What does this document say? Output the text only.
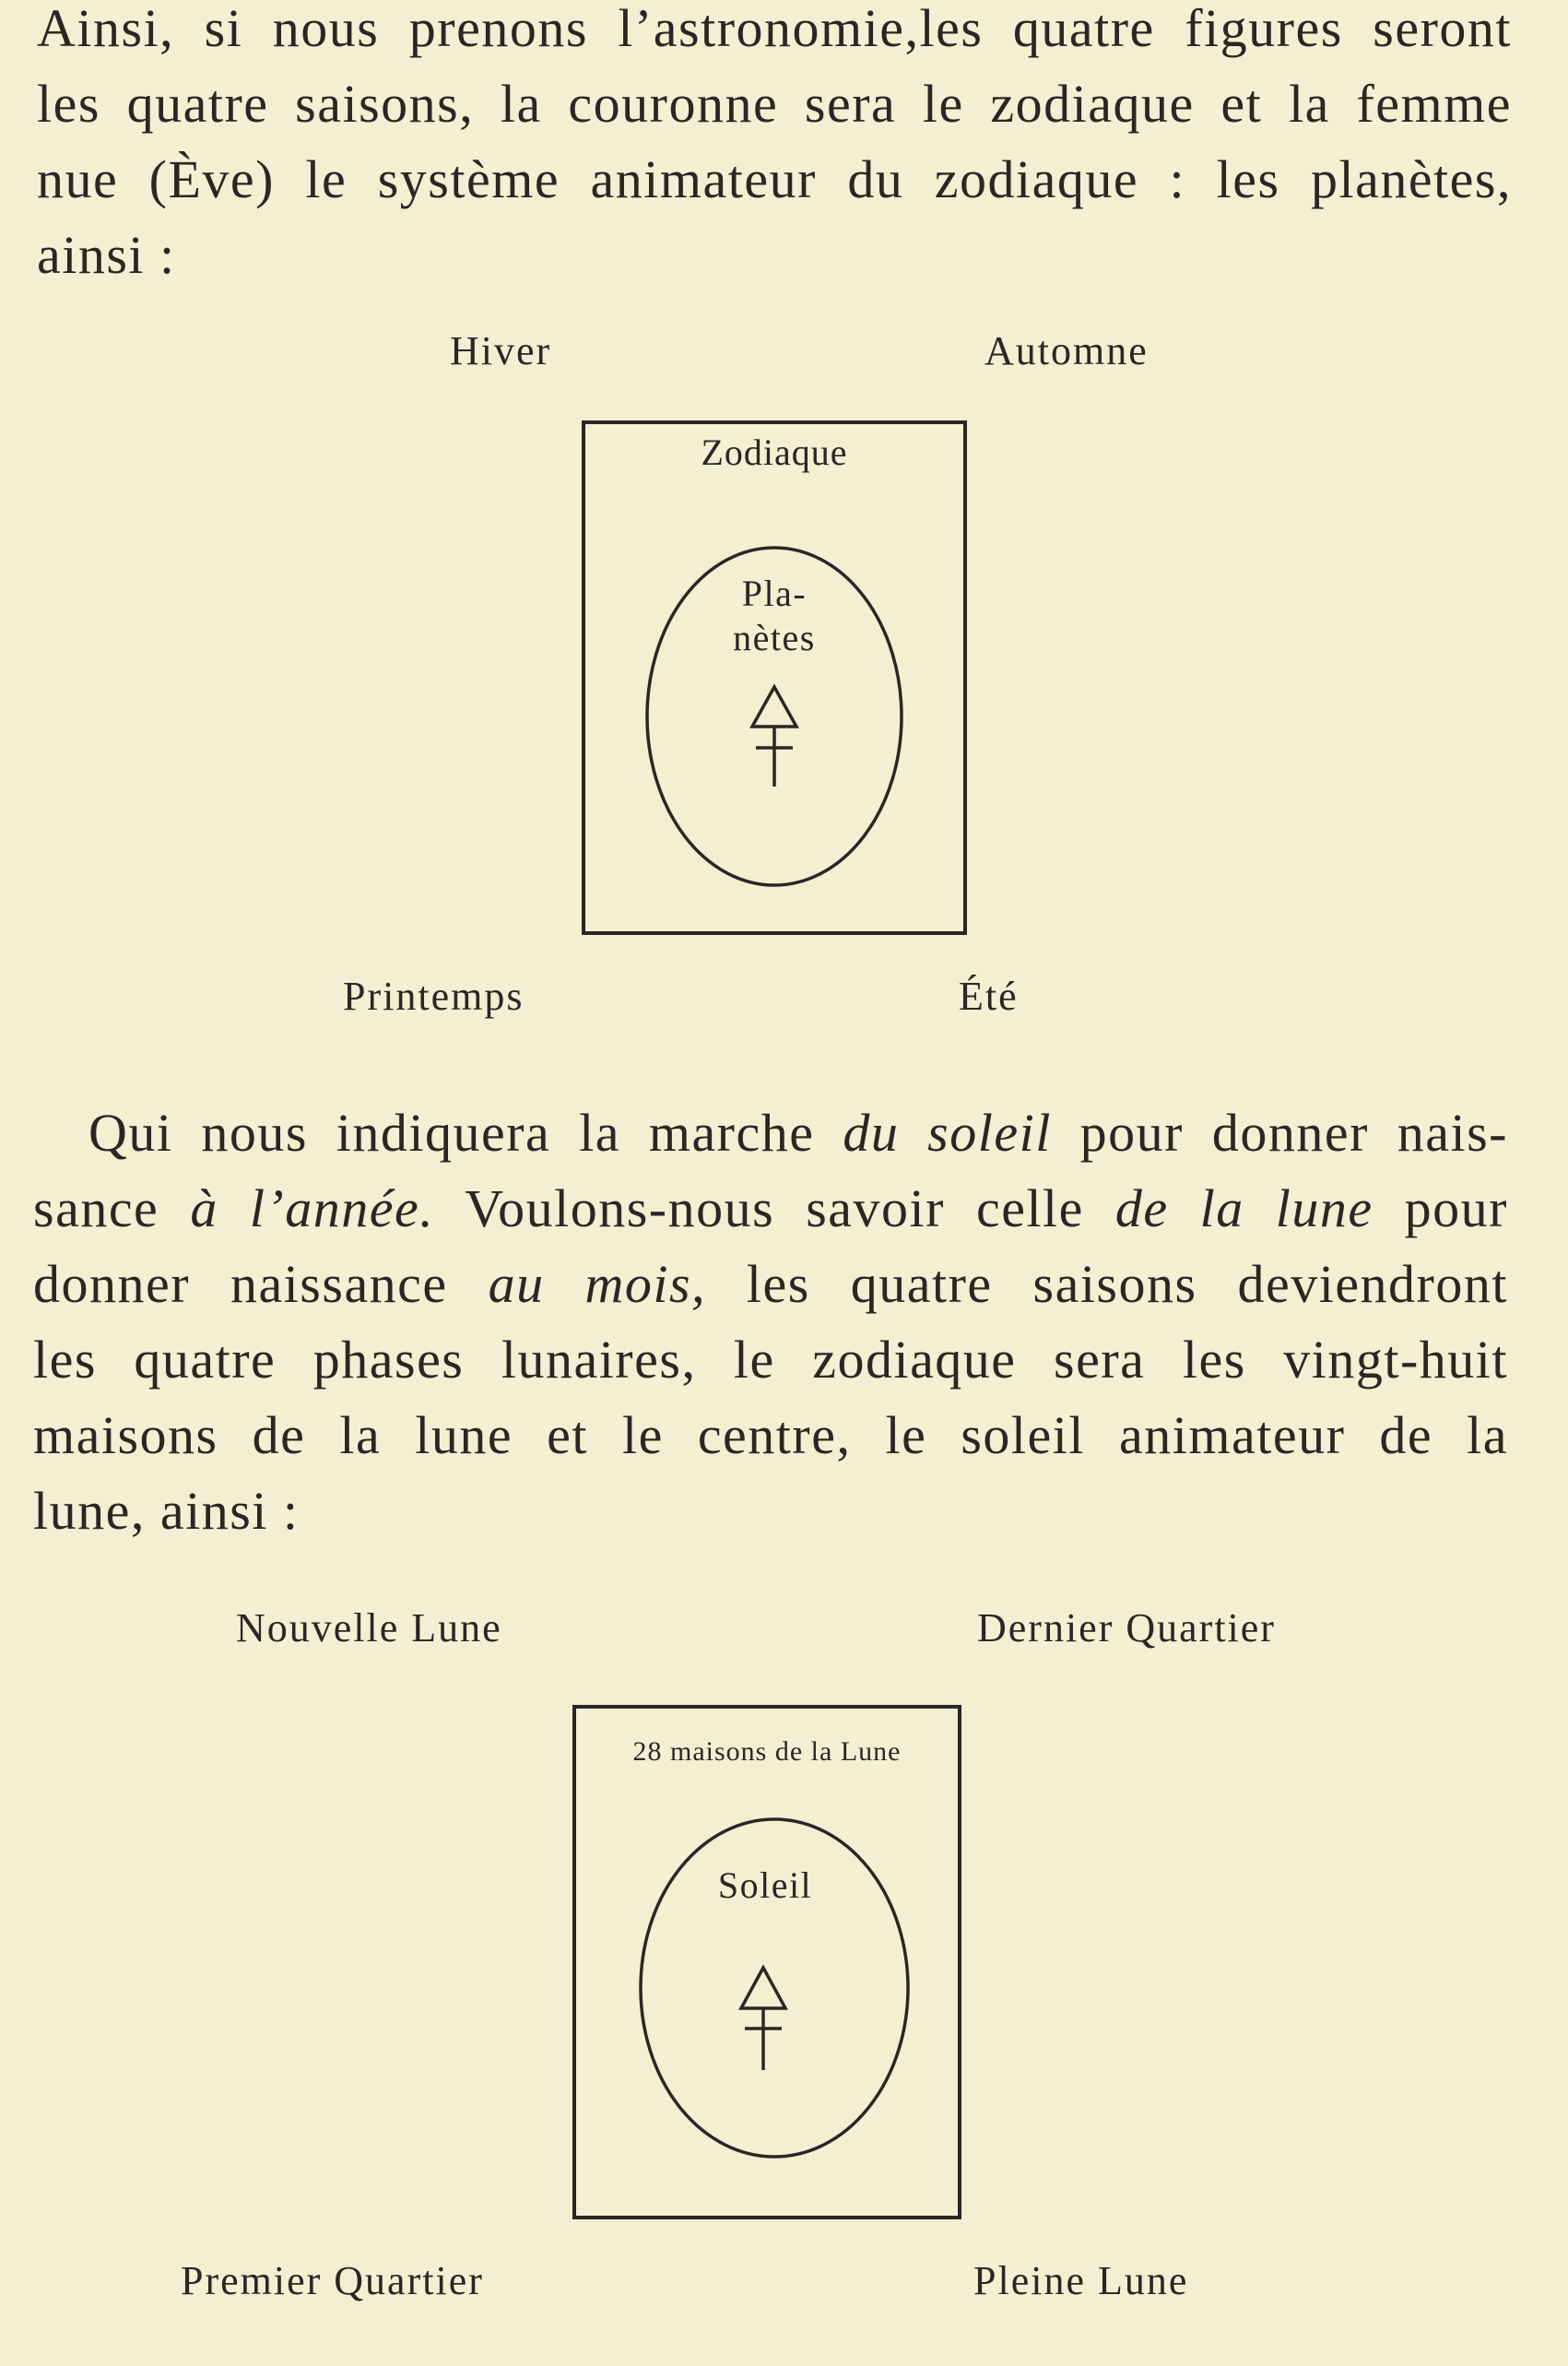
Ainsi, si nous prenons l’astronomie,les quatre figures seront
les quatre saisons, la couronne sera le zodiaque et la femme
nue (Ève) le système animateur du zodiaque : les planètes,
ainsi :
Hiver	Automne
Zodiaque
Pla-
nètes
Printemps	Été
Qui nous indiquera la marche du soleil pour donner nais-
sance à l’année. Voulons-nous savoir celle de la lune pour
donner naissance au mois, les quatre saisons deviendront
les quatre phases lunaires, le zodiaque sera les vingt-huit
maisons de la lune et le centre, le soleil animateur de la
lune, ainsi :
Nouvelle Lune	Dernier Quartier
28 maisons de la Lune
Soleil
Premier Quartier	Pleine Lune
